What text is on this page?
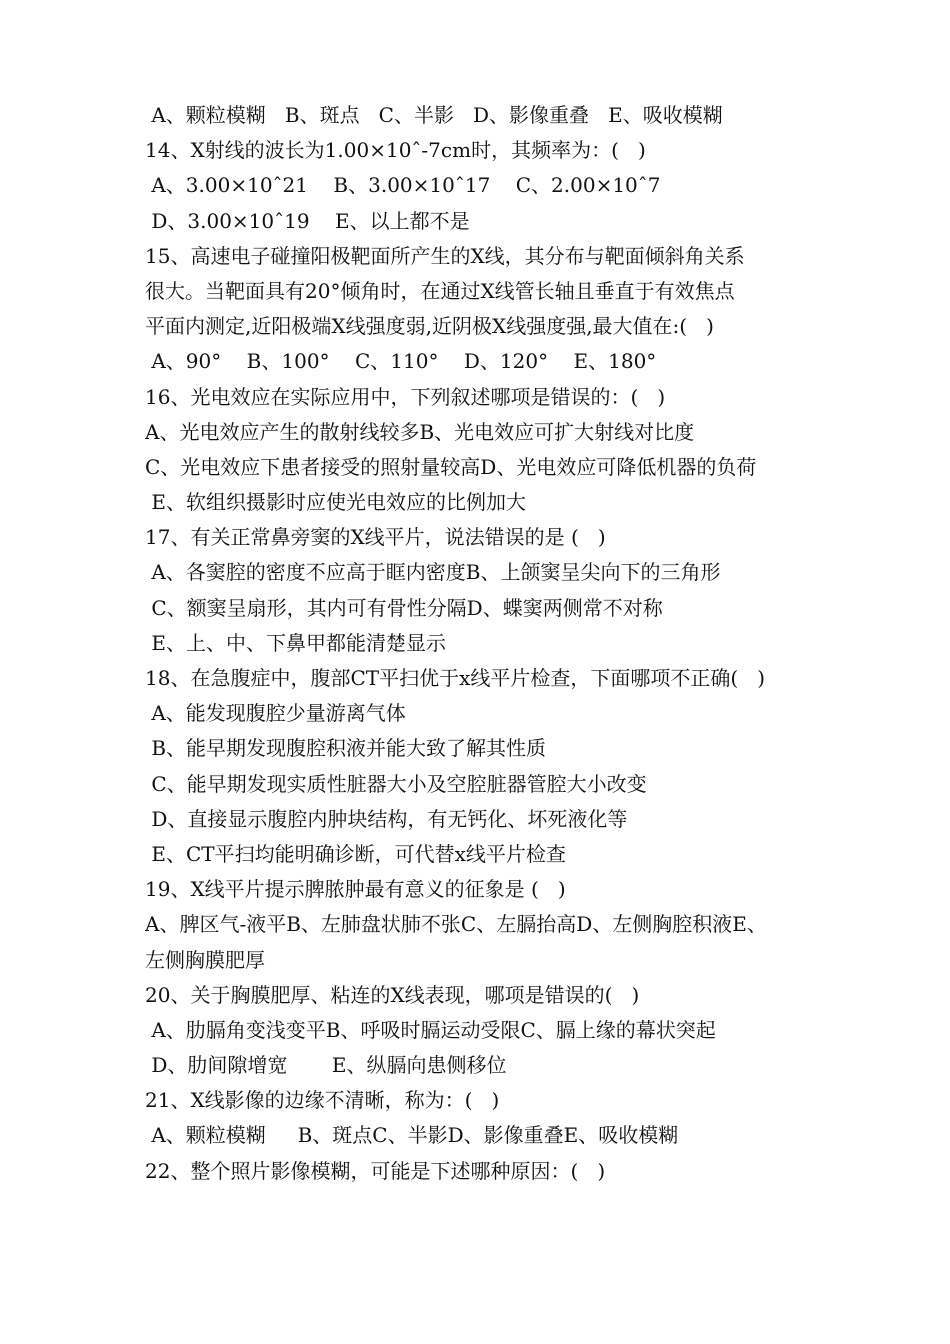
A、颗粒模糊   B、斑点   C、半影   D、影像重叠   E、吸收模糊
14、X射线的波长为1.00×10ˆ-7cm时，其频率为：(   )
A、3.00×10ˆ21    B、3.00×10ˆ17    C、2.00×10ˆ7
D、3.00×10ˆ19    E、以上都不是
15、高速电子碰撞阳极靶面所产生的X线，其分布与靶面倾斜角关系
很大。当靶面具有20°倾角时，在通过X线管长轴且垂直于有效焦点
平面内测定,近阳极端X线强度弱,近阴极X线强度强,最大值在:(   )
A、90°    B、100°    C、110°    D、120°    E、180°
16、光电效应在实际应用中，下列叙述哪项是错误的：(   )
A、光电效应产生的散射线较多B、光电效应可扩大射线对比度
C、光电效应下患者接受的照射量较高D、光电效应可降低机器的负荷
E、软组织摄影时应使光电效应的比例加大
17、有关正常鼻旁窦的X线平片，说法错误的是 (   )
A、各窦腔的密度不应高于眶内密度B、上颌窦呈尖向下的三角形
C、额窦呈扇形，其内可有骨性分隔D、蝶窦两侧常不对称
E、上、中、下鼻甲都能清楚显示
18、在急腹症中，腹部CT平扫优于x线平片检查，下面哪项不正确(   )
A、能发现腹腔少量游离气体
B、能早期发现腹腔积液并能大致了解其性质
C、能早期发现实质性脏器大小及空腔脏器管腔大小改变
D、直接显示腹腔内肿块结构，有无钙化、坏死液化等
E、CT平扫均能明确诊断，可代替x线平片检查
19、X线平片提示脾脓肿最有意义的征象是 (   )
A、脾区气-液平B、左肺盘状肺不张C、左膈抬高D、左侧胸腔积液E、
左侧胸膜肥厚
20、关于胸膜肥厚、粘连的X线表现，哪项是错误的(   )
A、肋膈角变浅变平B、呼吸时膈运动受限C、膈上缘的幕状突起
D、肋间隙增宽       E、纵膈向患侧移位
21、X线影像的边缘不清晰，称为：(   )
A、颗粒模糊     B、斑点C、半影D、影像重叠E、吸收模糊
22、整个照片影像模糊，可能是下述哪种原因：(   )
